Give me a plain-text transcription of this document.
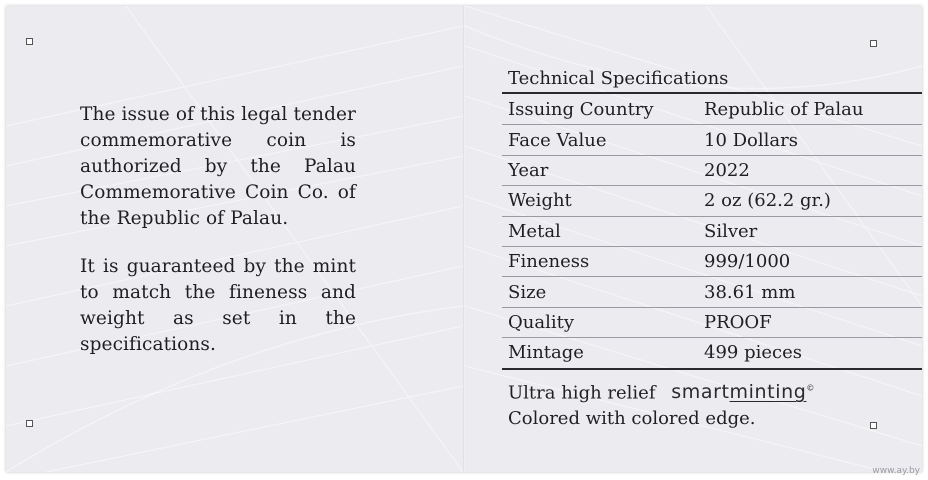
The issue of this legal tender commemorative coin is authorized by the Palau Commemorative Coin Co. of the Republic of Palau.

It is guaranteed by the mint to match the fineness and weight as set in the specifications.

Technical Specifications
Issuing Country	Republic of Palau
Face Value	10 Dollars
Year	2022
Weight	2 oz (62.2 gr.)
Metal	Silver
Fineness	999/1000
Size	38.61 mm
Quality	PROOF
Mintage	499 pieces
Ultra high relief smartminting©
Colored with colored edge.
www.ay.by
